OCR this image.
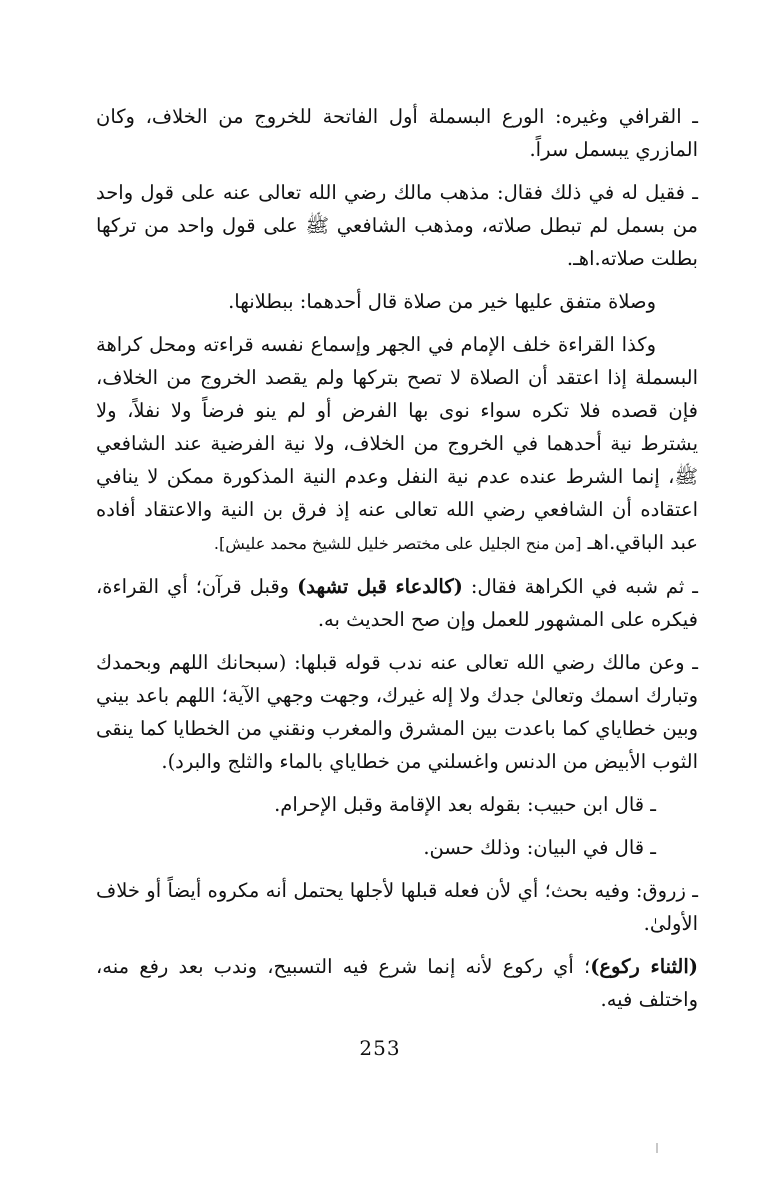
ـ القرافي وغيره: الورع البسملة أول الفاتحة للخروج من الخلاف، وكان المازري يبسمل سراً.

ـ فقيل له في ذلك فقال: مذهب مالك رضي الله تعالى عنه على قول واحد من بسمل لم تبطل صلاته، ومذهب الشافعي ﷺ على قول واحد من تركها بطلت صلاته.اهـ.

وصلاة متفق عليها خير من صلاة قال أحدهما: ببطلانها.

وكذا القراءة خلف الإمام في الجهر وإسماع نفسه قراءته ومحل كراهة البسملة إذا اعتقد أن الصلاة لا تصح بتركها ولم يقصد الخروج من الخلاف، فإن قصده فلا تكره سواء نوى بها الفرض أو لم ينو فرضاً ولا نفلاً، ولا يشترط نية أحدهما في الخروج من الخلاف، ولا نية الفرضية عند الشافعي ﷺ، إنما الشرط عنده عدم نية النفل وعدم النية المذكورة ممكن لا ينافي اعتقاده أن الشافعي رضي الله تعالى عنه إذ فرق بن النية والاعتقاد أفاده عبد الباقي.اهـ [من منح الجليل على مختصر خليل للشيخ محمد عليش].

ـ ثم شبه في الكراهة فقال: (كالدعاء قبل تشهد) وقبل قرآن؛ أي القراءة، فيكره على المشهور للعمل وإن صح الحديث به.

ـ وعن مالك رضي الله تعالى عنه ندب قوله قبلها: (سبحانك اللهم وبحمدك وتبارك اسمك وتعالىٰ جدك ولا إله غيرك، وجهت وجهي الآية؛ اللهم باعد بيني وبين خطاياي كما باعدت بين المشرق والمغرب ونقني من الخطايا كما ينقى الثوب الأبيض من الدنس واغسلني من خطاياي بالماء والثلج والبرد).

ـ قال ابن حبيب: بقوله بعد الإقامة وقبل الإحرام.

ـ قال في البيان: وذلك حسن.

ـ زروق: وفيه بحث؛ أي لأن فعله قبلها لأجلها يحتمل أنه مكروه أيضاً أو خلاف الأولىٰ.

(الثناء ركوع)؛ أي ركوع لأنه إنما شرع فيه التسبيح، وندب بعد رفع منه، واختلف فيه.

253
